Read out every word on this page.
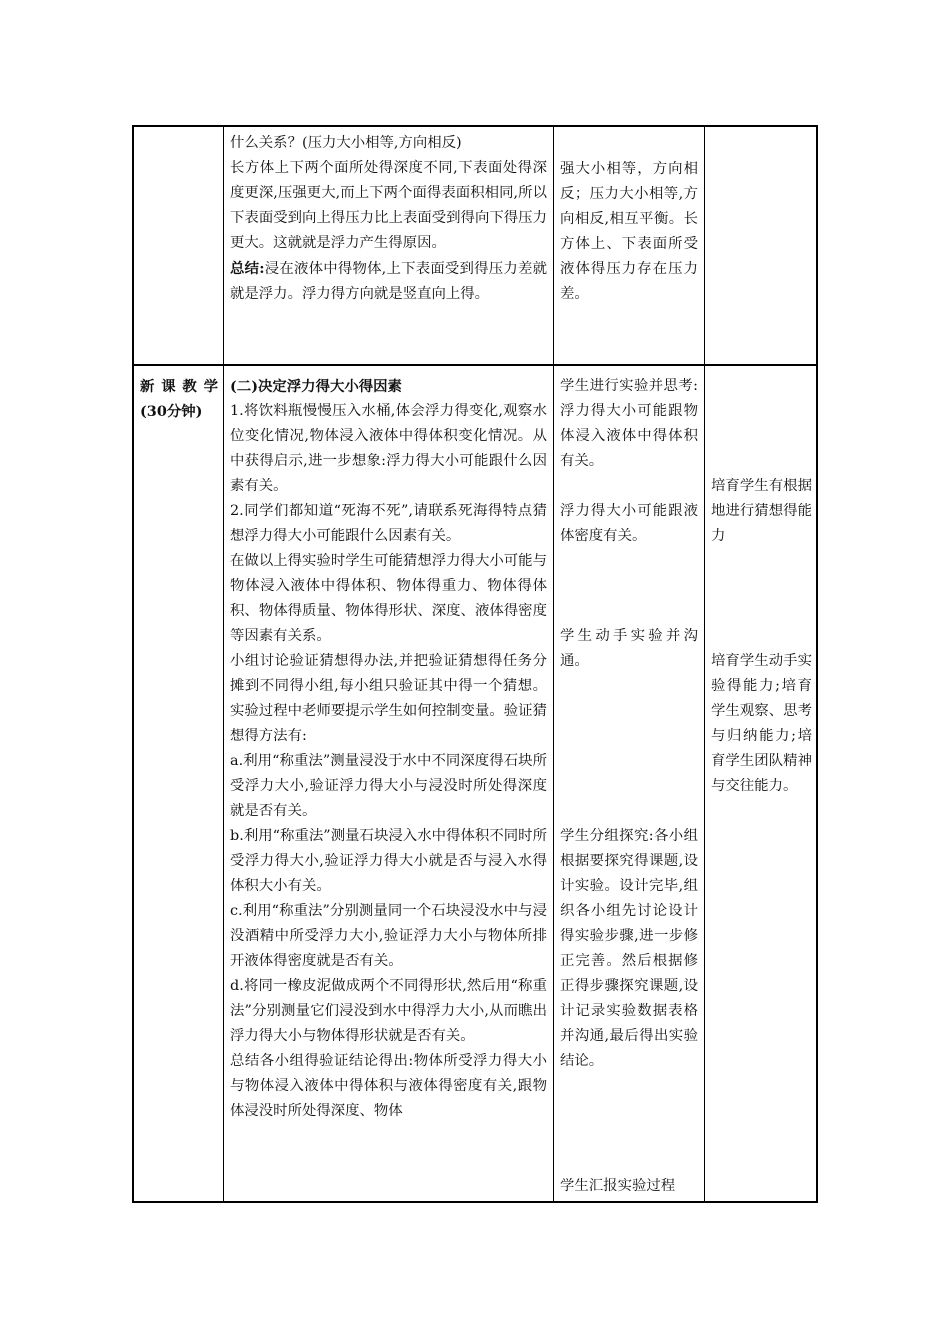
什么关系？(压力大小相等,方向相反)

长方体上下两个面所处得深度不同,下表面处得深度更深,压强更大,而上下两个面得表面积相同,所以下表面受到向上得压力比上表面受到得向下得压力更大。这就就是浮力产生得原因。

总结:浸在液体中得物体,上下表面受到得压力差就就是浮力。浮力得方向就是竖直向上得。

强大小相等，方向相反；压力大小相等,方向相反,相互平衡。长方体上、下表面所受液体得压力存在压力差。

新课教学

(30分钟)

(二)决定浮力得大小得因素

1.将饮料瓶慢慢压入水桶,体会浮力得变化,观察水位变化情况,物体浸入液体中得体积变化情况。从中获得启示,进一步想象:浮力得大小可能跟什么因素有关。

2.同学们都知道“死海不死”,请联系死海得特点猜想浮力得大小可能跟什么因素有关。

在做以上得实验时学生可能猜想浮力得大小可能与物体浸入液体中得体积、物体得重力、物体得体积、物体得质量、物体得形状、深度、液体得密度等因素有关系。

小组讨论验证猜想得办法,并把验证猜想得任务分摊到不同得小组,每小组只验证其中得一个猜想。实验过程中老师要提示学生如何控制变量。验证猜想得方法有:

a.利用“称重法”测量浸没于水中不同深度得石块所受浮力大小,验证浮力得大小与浸没时所处得深度就是否有关。

b.利用“称重法”测量石块浸入水中得体积不同时所受浮力得大小,验证浮力得大小就是否与浸入水得体积大小有关。

c.利用“称重法”分别测量同一个石块浸没水中与浸没酒精中所受浮力大小,验证浮力大小与物体所排开液体得密度就是否有关。

d.将同一橡皮泥做成两个不同得形状,然后用“称重法”分别测量它们浸没到水中得浮力大小,从而瞧出浮力得大小与物体得形状就是否有关。

总结各小组得验证结论得出:物体所受浮力得大小与物体浸入液体中得体积与液体得密度有关,跟物体浸没时所处得深度、物体

学生进行实验并思考:浮力得大小可能跟物体浸入液体中得体积有关。

浮力得大小可能跟液体密度有关。

学生动手实验并沟通。

学生分组探究:各小组根据要探究得课题,设计实验。设计完毕,组织各小组先讨论设计得实验步骤,进一步修正完善。然后根据修正得步骤探究课题,设计记录实验数据表格并沟通,最后得出实验结论。

学生汇报实验过程

培育学生有根据地进行猜想得能力

培育学生动手实验得能力;培育学生观察、思考与归纳能力;培育学生团队精神与交往能力。
